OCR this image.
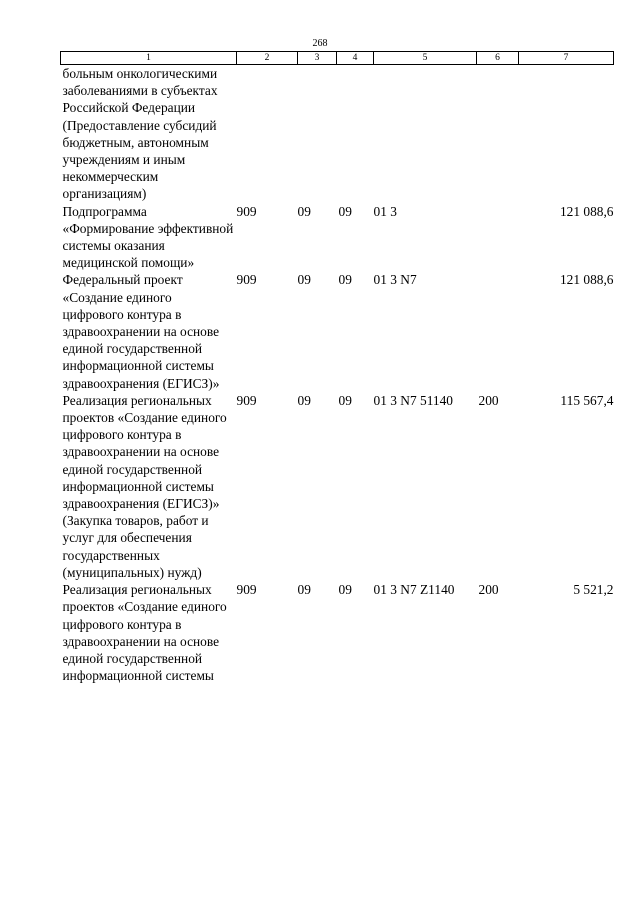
268
1	2	3	4	5	6	7
больным онкологическими заболеваниями в субъектах Российской Федерации (Предоставление субсидий бюджетным, автономным учреждениям и иным некоммерческим организациям)						
Подпрограмма «Формирование эффективной системы оказания медицинской помощи»	909	09	09	01 3		121 088,6
Федеральный проект «Создание единого цифрового контура в здравоохранении на основе единой государственной информационной системы здравоохранения (ЕГИСЗ)»	909	09	09	01 3 N7		121 088,6
Реализация региональных проектов «Создание единого цифрового контура в здравоохранении на основе единой государственной информационной системы здравоохранения (ЕГИСЗ)» (Закупка товаров, работ и услуг для обеспечения государственных (муниципальных) нужд)	909	09	09	01 3 N7 51140	200	115 567,4
Реализация региональных проектов «Создание единого цифрового контура в здравоохранении на основе единой государственной информационной системы	909	09	09	01 3 N7 Z1140	200	5 521,2
